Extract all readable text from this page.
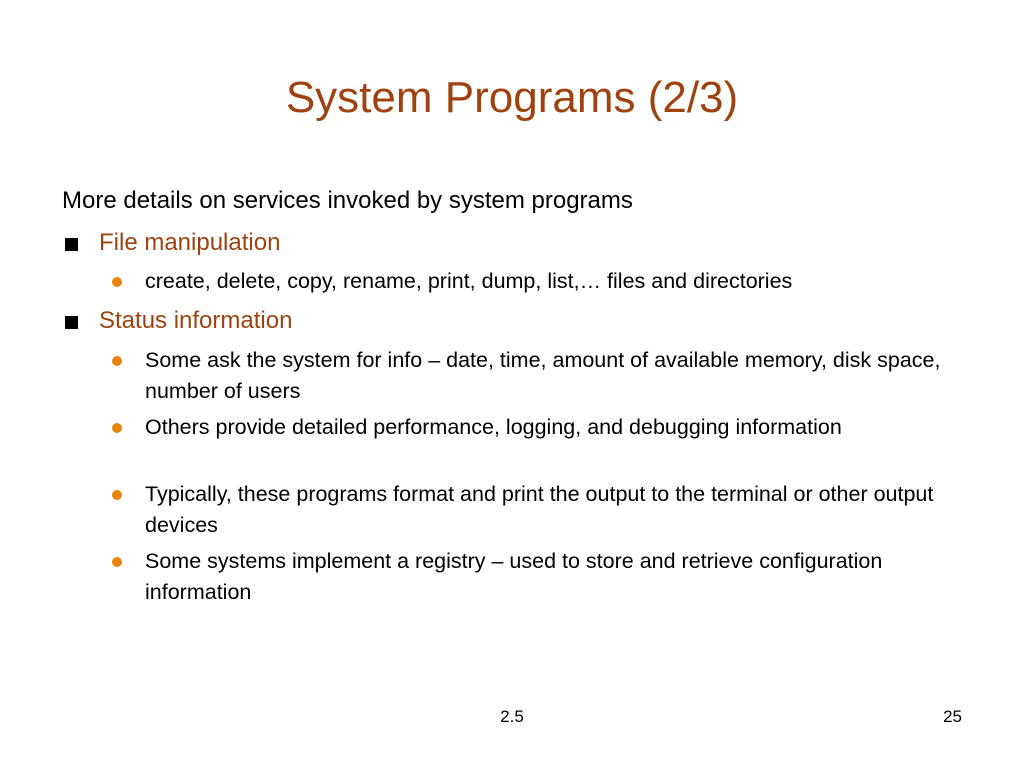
System Programs (2/3)

More details on services invoked by system programs

File manipulation
create, delete, copy, rename, print, dump, list,… files and directories
Status information
Some ask the system for info – date, time, amount of available memory, disk space, number of users
Others provide detailed performance, logging, and debugging information
Typically, these programs format and print the output to the terminal or other output devices
Some systems implement a registry – used to store and retrieve configuration information
2.5	25
